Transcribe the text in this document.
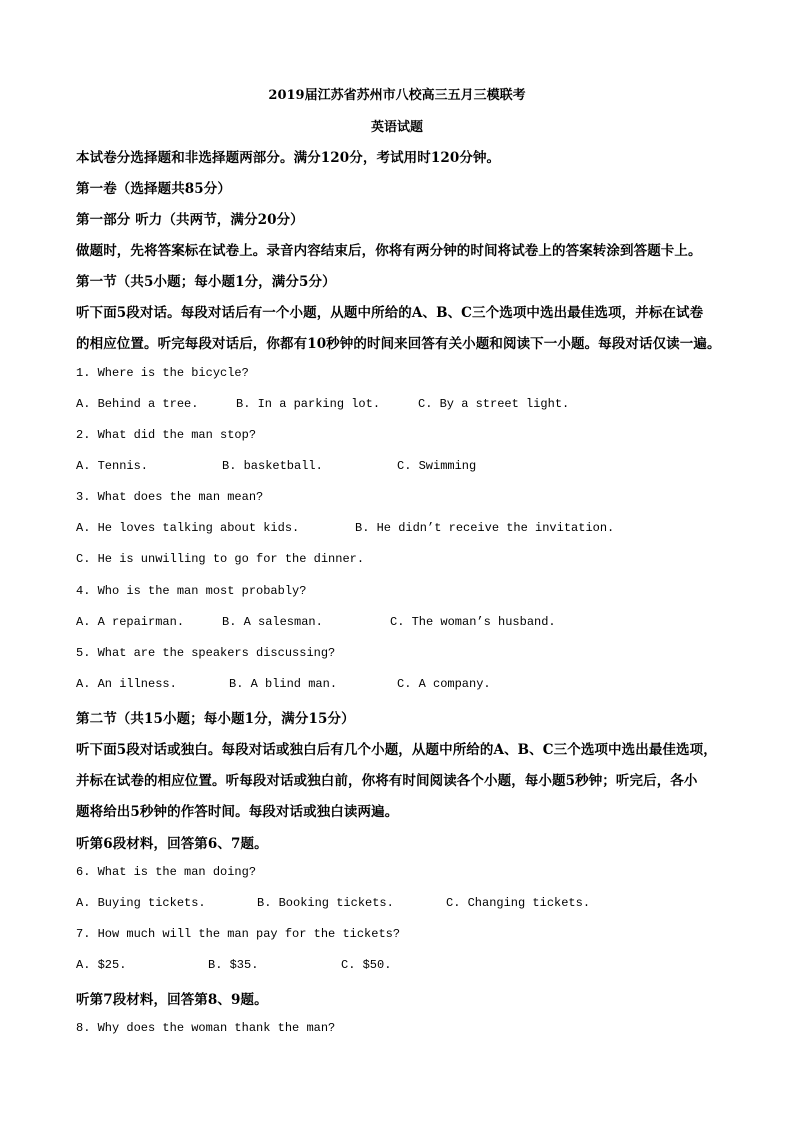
2019届江苏省苏州市八校高三五月三模联考
英语试题
本试卷分选择题和非选择题两部分。满分120分，考试用时120分钟。
第一卷（选择题共85分）
第一部分 听力（共两节，满分20分）
做题时，先将答案标在试卷上。录音内容结束后，你将有两分钟的时间将试卷上的答案转涂到答题卡上。
第一节（共5小题；每小题1分，满分5分）
听下面5段对话。每段对话后有一个小题，从题中所给的A、B、C三个选项中选出最佳选项，并标在试卷
的相应位置。听完每段对话后，你都有10秒钟的时间来回答有关小题和阅读下一小题。每段对话仅读一遍。
1. Where is the bicycle?
A. Behind a tree.	B. In a parking lot.	C. By a street light.
2. What did the man stop?
A. Tennis.	B. basketball.	C. Swimming
3. What does the man mean?
A. He loves talking about kids.	B. He didn’t receive the invitation.
C. He is unwilling to go for the dinner.
4. Who is the man most probably?
A. A repairman.	B. A salesman.	C. The woman’s husband.
5. What are the speakers discussing?
A. An illness.	B. A blind man.	C. A company.
第二节（共15小题；每小题1分，满分15分）
听下面5段对话或独白。每段对话或独白后有几个小题，从题中所给的A、B、C三个选项中选出最佳选项，
并标在试卷的相应位置。听每段对话或独白前，你将有时间阅读各个小题，每小题5秒钟；听完后，各小
题将给出5秒钟的作答时间。每段对话或独白读两遍。
听第6段材料，回答第6、7题。
6. What is the man doing?
A. Buying tickets.	B. Booking tickets.	C. Changing tickets.
7. How much will the man pay for the tickets?
A. $25.	B. $35.	C. $50.
听第7段材料，回答第8、9题。
8. Why does the woman thank the man?
